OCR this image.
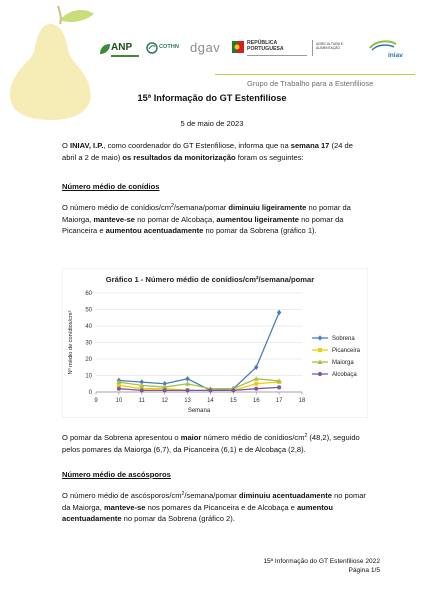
ANP	COTHN dgav	REPÚBLICA PORTUGUESA
AGRICULTURA E ALIMENTAÇÃO
iniav
Grupo de Trabalho para a Estenfiliose
15ª Informação do GT Estenfiliose
5 de maio de 2023
O INIAV, I.P., como coordenador do GT Estenfiliose, informa que na semana 17 (24 de abril a 2 de maio) os resultados da monitorização foram os seguintes:
Número médio de conídios
O número médio de conídios/$cm^2/semana$/pomar diminuiu ligeiramente no pomar da Maiorga, manteve-se no pomar de Alcobaça, aumentou ligeiramente no pomar da Picanceira e aumentou acentuadamente no pomar da Sobrena (gráfico 1).
Gráfico 1 - Número médio de conídios/cm²/semana/pomar
0
10
20
30
40
50
60
9	10	11	12	13	14	15	16	17	18
Semana
Nº médio de conídios/cm²	Sobrena
Picanceira
Maiorga
Alcobaça
O pomar da Sobrena apresentou o maior número médio de conídios/$cm^2$ (48,2), seguido pelos pomares da Maiorga (6,7), da Picanceira (6,1) e de Alcobaça (2,8).
Número médio de ascósporos
O número médio de ascósporos/$cm^2/semana$/pomar diminuiu acentuadamente no pomar da Maiorga, manteve-se nos pomares da Picanceira e de Alcobaça e aumentou acentuadamente no pomar da Sobrena (gráfico 2).
15ª Informação do GT Estenfiliose 2022
Página 1/5
